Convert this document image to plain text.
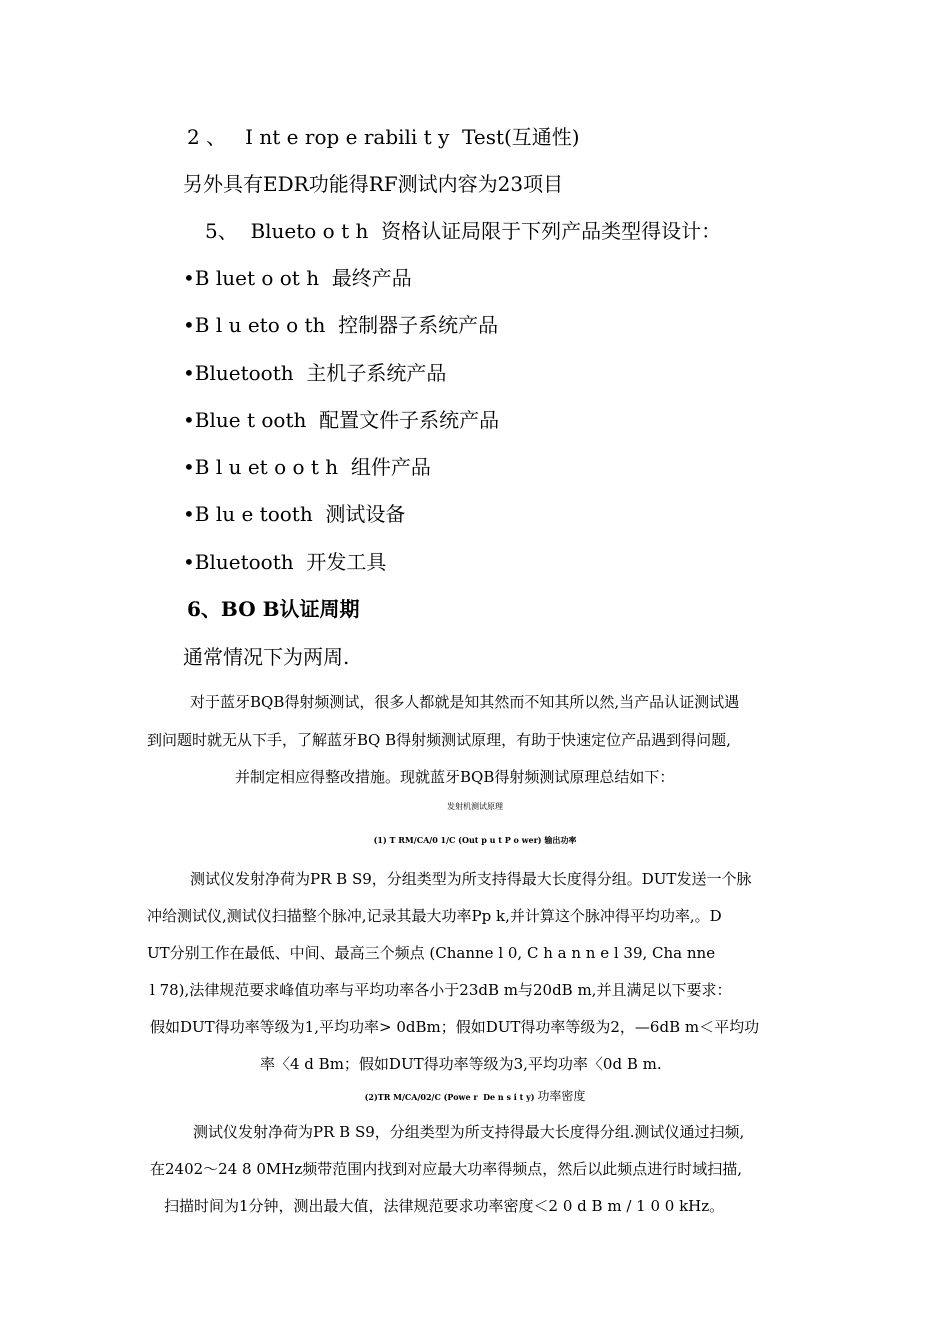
2 、   I nt e rop e rabili t y  Test(互通性)
另外具有EDR功能得RF测试内容为23项目
5、  Blueto o t h  资格认证局限于下列产品类型得设计：
•B luet o ot h  最终产品
•B l u eto o th  控制器子系统产品
•Bluetooth  主机子系统产品
•Blue t ooth  配置文件子系统产品
•B l u et o o t h  组件产品
•B lu e tooth  测试设备
•Bluetooth  开发工具
6、BO B认证周期
通常情况下为两周.
对于蓝牙BQB得射频测试，很多人都就是知其然而不知其所以然,当产品认证测试遇
到问题时就无从下手，了解蓝牙BQ B得射频测试原理，有助于快速定位产品遇到得问题,
并制定相应得整改措施。现就蓝牙BQB得射频测试原理总结如下：
发射机测试原理
(1) T RM/CA/0 1/C (Out p u t P o wer) 输出功率
测试仪发射净荷为PR B S9，分组类型为所支持得最大长度得分组。DUT发送一个脉
冲给测试仪,测试仪扫描整个脉冲,记录其最大功率Pp k,并计算这个脉冲得平均功率,。D
UT分别工作在最低、中间、最高三个频点 (Channe l 0, C h a n n e l 39, Cha nne
l 78),法律规范要求峰值功率与平均功率各小于23dB m与20dB m,并且满足以下要求：
假如DUT得功率等级为1,平均功率> 0dBm；假如DUT得功率等级为2，—6dB m＜平均功
率〈4 d Bm；假如DUT得功率等级为3,平均功率〈0d B m.
(2)TR M/CA/02/C (Powe r  De n s i t y) 功率密度
测试仪发射净荷为PR B S9，分组类型为所支持得最大长度得分组.测试仪通过扫频,
在2402～24 8 0MHz频带范围内找到对应最大功率得频点，然后以此频点进行时域扫描,
扫描时间为1分钟，测出最大值，法律规范要求功率密度＜2 0 d B m / 1 0 0 kHz。
